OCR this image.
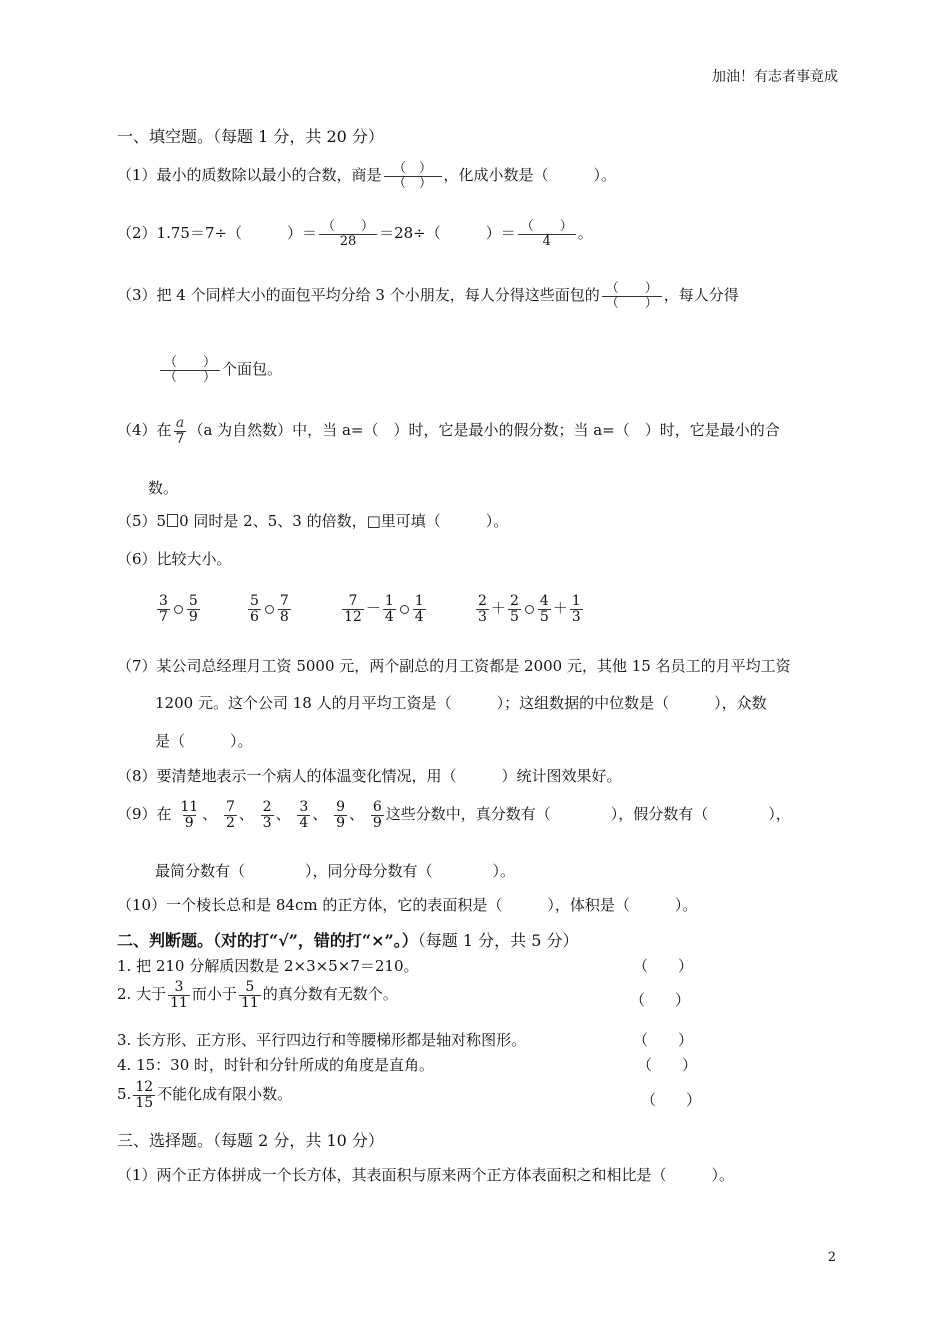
加油！有志者事竟成
一、填空题。（每题 1 分，共 20 分）
（1）最小的质数除以最小的合数，商是 $\frac{( )}{( )}$ ，化成小数是（　　　）。
（2）1.75＝7÷（　　　）＝ $\frac{( )}{28} =28\div$（　　　）＝ $\frac{( )}{4}$ 。
（3）把 4 个同样大小的面包平均分给 3 个小朋友，每人分得这些面包的 $\frac{( )}{( )}$ ，每人分得
$\frac{( )}{( )}$ 个面包。
（4）在 $\frac{a}{7} (a$ 为自然数）中，当 a=（　）时，它是最小的假分数；当 a=（　）时，它是最小的合
数。
（5）5 0 同时是 2、5、3 的倍数，□里可填（　　　）。
（6）比较大小。
$\frac{3}{7} \frac{5}{9}$	$\frac{5}{6} \frac{7}{8}$	$\frac{7}{12} - \frac{1}{4} \frac{1}{4}$	$\frac{2}{3} + \frac{2}{5} \frac{4}{5} + \frac{1}{3}$
（7）某公司总经理月工资 5000 元，两个副总的月工资都是 2000 元，其他 15 名员工的月平均工资
1200 元。这个公司 18 人的月平均工资是（　　　）；这组数据的中位数是（　　　），众数
是（　　　）。
（8）要清楚地表示一个病人的体温变化情况，用（　　　）统计图效果好。
（9）在 $\frac{11}{9}$ 、 $\frac{7}{2}$ 、 $\frac{2}{3}$ 、 $\frac{3}{4}$ 、 $\frac{9}{9}$ 、 $\frac{6}{9}$ 这些分数中，真分数有（　　　　），假分数有（　　　　），
最简分数有（　　　　），同分母分数有（　　　　）。
（10）一个棱长总和是 84cm 的正方体，它的表面积是（　　　），体积是（　　　）。
二、判断题。（对的打“√”，错的打“×”。）（每题 1 分，共 5 分）
1. 把 210 分解质因数是 2×3×5×7＝210。	（　　）
2. 大于 $\frac{3}{11}$ 而小于 $\frac{5}{11}$ 的真分数有无数个。	（　　）
3. 长方形、正方形、平行四边行和等腰梯形都是轴对称图形。	（　　）
4. 15：30 时，时针和分针所成的角度是直角。	（　　）
5. $\frac{12}{15}$ 不能化成有限小数。	（　　）
三、选择题。（每题 2 分，共 10 分）
（1）两个正方体拼成一个长方体，其表面积与原来两个正方体表面积之和相比是（　　　）。
2
